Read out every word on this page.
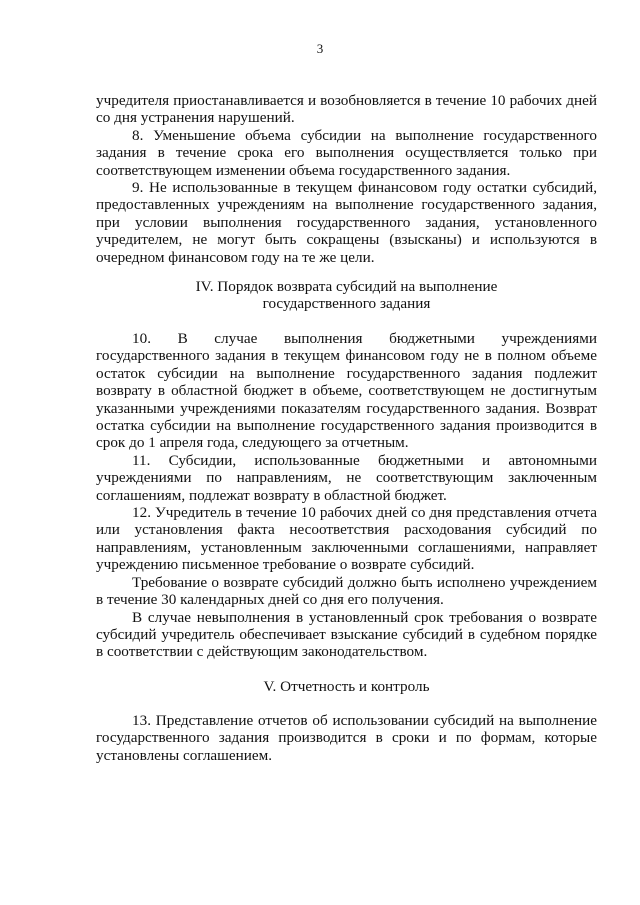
3

учредителя приостанавливается и возобновляется в течение 10 рабочих дней со дня устранения нарушений.

8. Уменьшение объема субсидии на выполнение государственного задания в течение срока его выполнения осуществляется только при соответствующем изменении объема государственного задания.

9. Не использованные в текущем финансовом году остатки субсидий, предоставленных учреждениям на выполнение государственного задания, при условии выполнения государственного задания, установленного учредителем, не могут быть сокращены (взысканы) и используются в очередном финансовом году на те же цели.

IV. Порядок возврата субсидий на выполнение
государственного задания

10. В случае выполнения бюджетными учреждениями государственного задания в текущем финансовом году не в полном объеме остаток субсидии на выполнение государственного задания подлежит возврату в областной бюджет в объеме, соответствующем не достигнутым указанными учреждениями показателям государственного задания. Возврат остатка субсидии на выполнение государственного задания производится в срок до 1 апреля года, следующего за отчетным.

11. Субсидии, использованные бюджетными и автономными учреждениями по направлениям, не соответствующим заключенным соглашениям, подлежат возврату в областной бюджет.

12. Учредитель в течение 10 рабочих дней со дня представления отчета или установления факта несоответствия расходования субсидий по направлениям, установленным заключенными соглашениями, направляет учреждению письменное требование о возврате субсидий.

Требование о возврате субсидий должно быть исполнено учреждением в течение 30 календарных дней со дня его получения.

В случае невыполнения в установленный срок требования о возврате субсидий учредитель обеспечивает взыскание субсидий в судебном порядке в соответствии с действующим законодательством.

V. Отчетность и контроль

13. Представление отчетов об использовании субсидий на выполнение государственного задания производится в сроки и по формам, которые установлены соглашением.
